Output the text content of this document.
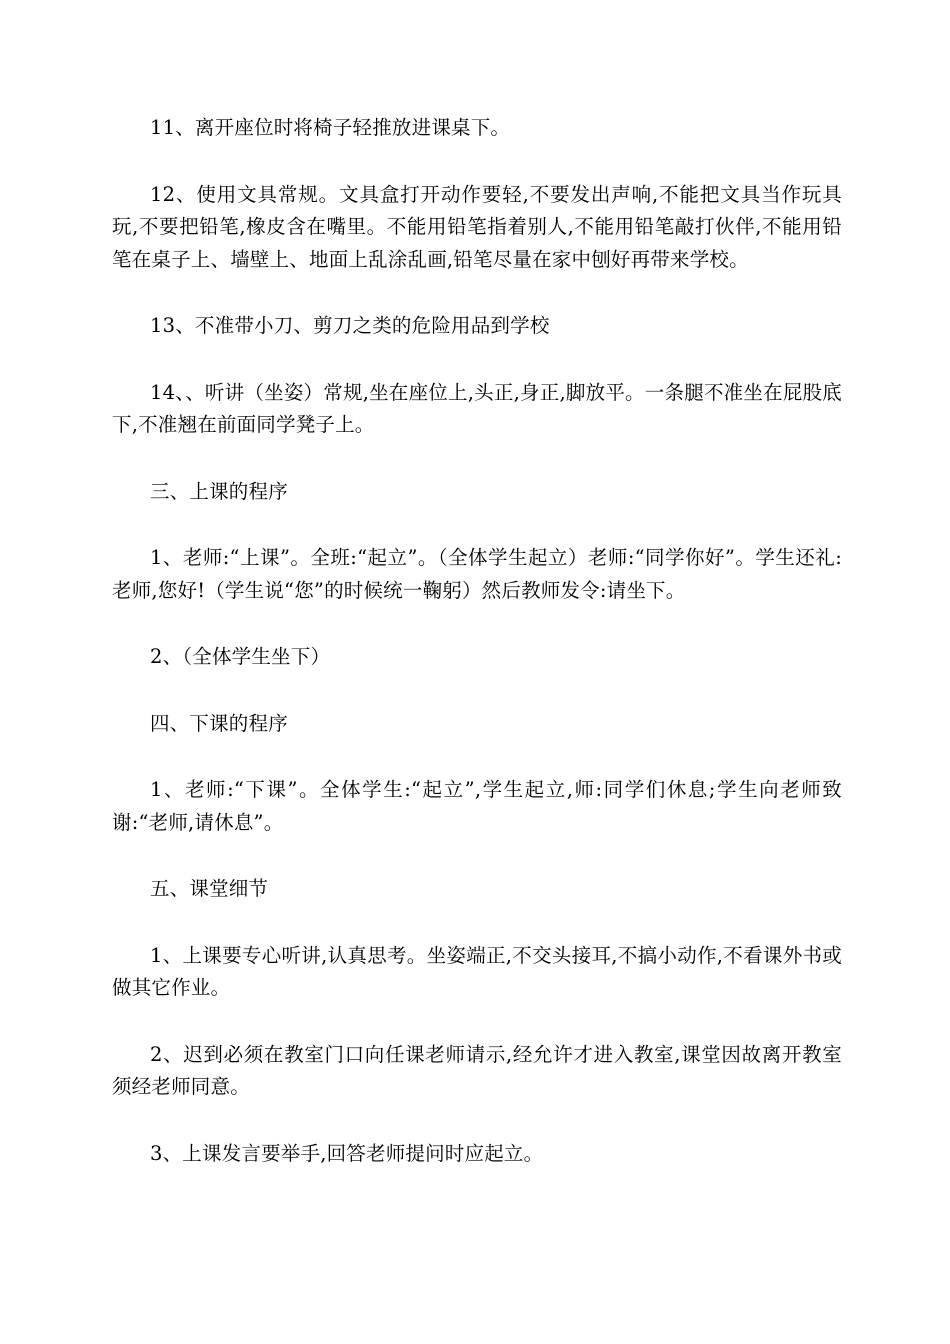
11、离开座位时将椅子轻推放进课桌下。

12、使用文具常规。文具盒打开动作要轻,不要发出声响,不能把文具当作玩具玩,不要把铅笔,橡皮含在嘴里。不能用铅笔指着别人,不能用铅笔敲打伙伴,不能用铅笔在桌子上、墙壁上、地面上乱涂乱画,铅笔尽量在家中刨好再带来学校。

13、不准带小刀、剪刀之类的危险用品到学校

14、、听讲（坐姿）常规,坐在座位上,头正,身正,脚放平。一条腿不准坐在屁股底下,不准翘在前面同学凳子上。

三、上课的程序

1、老师:“上课”。全班:“起立”。（全体学生起立）老师:“同学你好”。学生还礼:老师,您好!（学生说“您”的时候统一鞠躬）然后教师发令:请坐下。

2、（全体学生坐下）

四、下课的程序

1、老师:“下课”。全体学生:“起立”,学生起立,师:同学们休息;学生向老师致谢:“老师,请休息”。

五、课堂细节

1、上课要专心听讲,认真思考。坐姿端正,不交头接耳,不搞小动作,不看课外书或做其它作业。

2、迟到必须在教室门口向任课老师请示,经允许才进入教室,课堂因故离开教室须经老师同意。

3、上课发言要举手,回答老师提问时应起立。
